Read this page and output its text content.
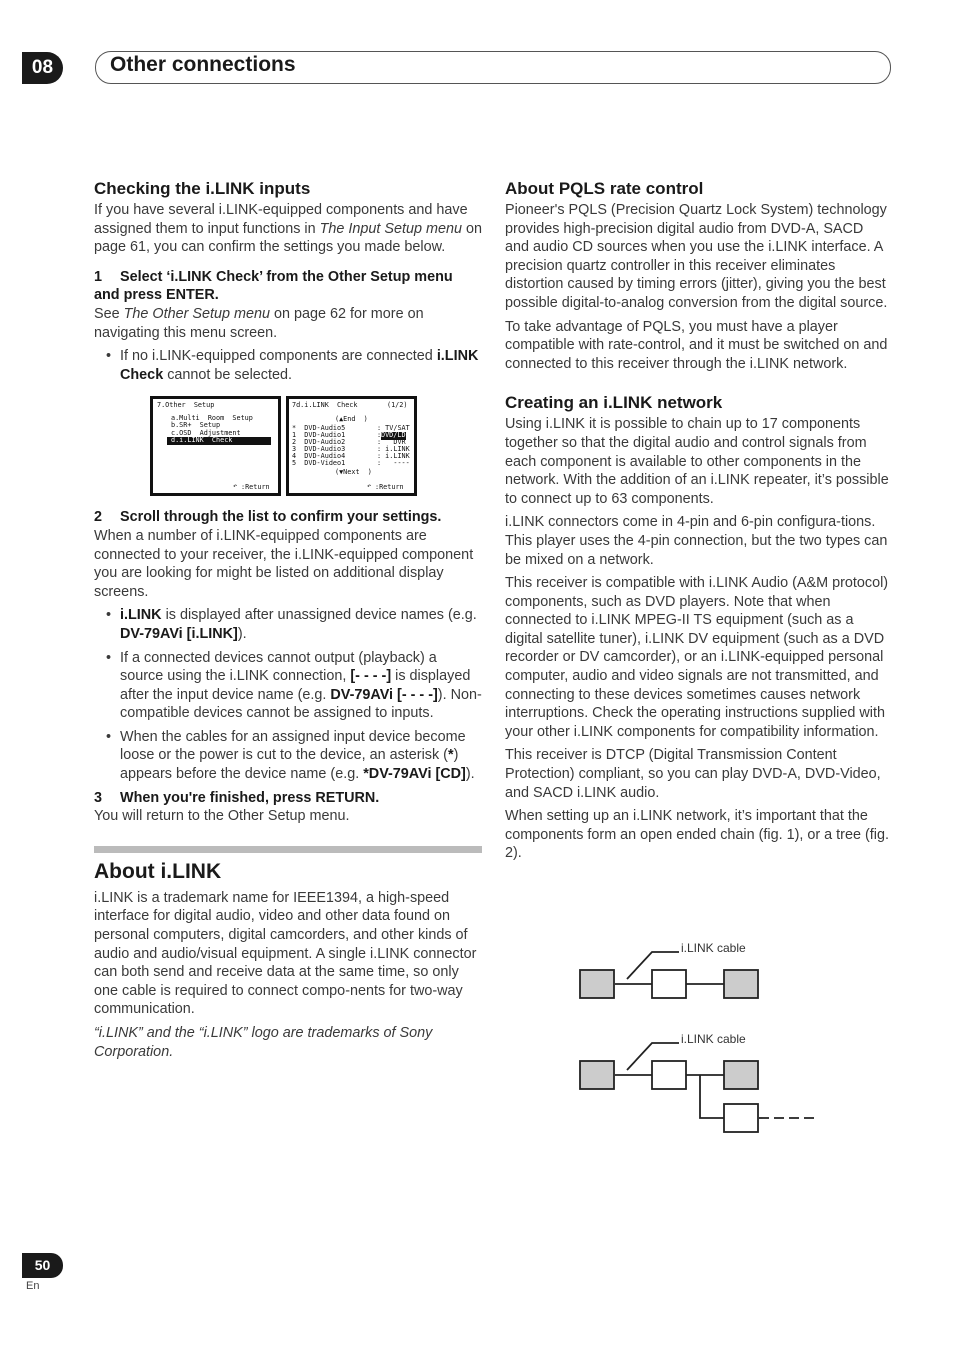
08	Other connections
Checking the i.LINK inputs

If you have several i.LINK-equipped components and have assigned them to input functions in The Input Setup menu on page 61, you can confirm the settings you made below.

1 Select ‘i.LINK Check’ from the Other Setup menu and press ENTER.

See The Other Setup menu on page 62 for more on navigating this menu screen.

• If no i.LINK-equipped components are connected i.LINK Check cannot be selected.
7.Other  Setup
a.Multi  Room  Setup
b.SR+  Setup
c.OSD  Adjustment
d.i.LINK  Check
↶ :Return
7d.i.LINK  Check	(1/2)
(▲End  )
*  DVD-Audio5	: TV/SAT
1  DVD-Audio1	: DVD/LD
2  DVD-Audio2	:   DVR
3  DVD-Audio3	: i.LINK
4  DVD-Audio4	: i.LINK
5  DVD-Video1	:   ----
(▼Next  )
↶ :Return

2 Scroll through the list to confirm your settings.

When a number of i.LINK-equipped components are connected to your receiver, the i.LINK-equipped component you are looking for might be listed on additional display screens.

• i.LINK is displayed after unassigned device names (e.g. DV-79AVi [i.LINK]).
• If a connected devices cannot output (playback) a source using the i.LINK connection, [- - - -] is displayed after the input device name (e.g. DV-79AVi [- - - -]). Non-compatible devices cannot be assigned to inputs.
• When the cables for an assigned input device become loose or the power is cut to the device, an asterisk (*) appears before the device name (e.g. *DV-79AVi [CD]).

3 When you're finished, press RETURN.

You will return to the Other Setup menu.

About i.LINK

i.LINK is a trademark name for IEEE1394, a high-speed interface for digital audio, video and other data found on personal computers, digital camcorders, and other kinds of audio and audio/visual equipment. A single i.LINK connector can both send and receive data at the same time, so only one cable is required to connect compo-nents for two-way communication.

“i.LINK” and the “i.LINK” logo are trademarks of Sony Corporation.

About PQLS rate control

Pioneer's PQLS (Precision Quartz Lock System) technology provides high-precision digital audio from DVD-A, SACD and audio CD sources when you use the i.LINK interface. A precision quartz controller in this receiver eliminates distortion caused by timing errors (jitter), giving you the best possible digital-to-analog conversion from the digital source.

To take advantage of PQLS, you must have a player compatible with rate-control, and it must be switched on and connected to this receiver through the i.LINK network.

Creating an i.LINK network

Using i.LINK it is possible to chain up to 17 components together so that the digital audio and control signals from each component is available to other components in the network. With the addition of an i.LINK repeater, it’s possible to connect up to 63 components.

i.LINK connectors come in 4-pin and 6-pin configura-tions. This player uses the 4-pin connection, but the two types can be mixed on a network.

This receiver is compatible with i.LINK Audio (A&M protocol) components, such as DVD players. Note that when connected to i.LINK MPEG-II TS equipment (such as a digital satellite tuner), i.LINK DV equipment (such as a DVD recorder or DV camcorder), or an i.LINK-equipped personal computer, audio and video signals are not transmitted, and connecting to these devices sometimes causes network interruptions. Check the operating instructions supplied with your other i.LINK components for compatibility information.

This receiver is DTCP (Digital Transmission Content Protection) compliant, so you can play DVD-A, DVD-Video, and SACD i.LINK audio.

When setting up an i.LINK network, it’s important that the components form an open ended chain (fig. 1), or a tree (fig. 2).

i.LINK cable
i.LINK cable
50
En
